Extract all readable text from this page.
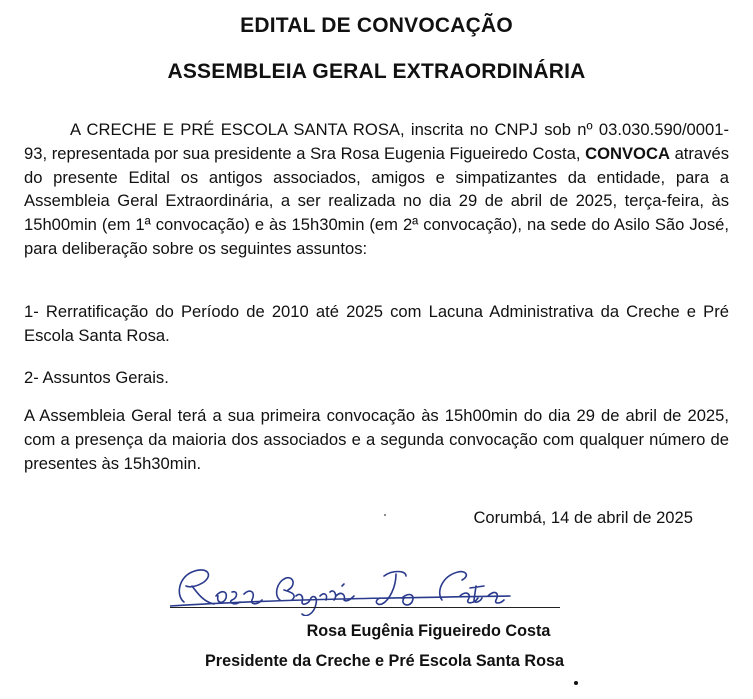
EDITAL DE CONVOCAÇÃO
ASSEMBLEIA GERAL EXTRAORDINÁRIA

A CRECHE E PRÉ ESCOLA SANTA ROSA, inscrita no CNPJ sob nº 03.030.590/0001-93, representada por sua presidente a Sra Rosa Eugenia Figueiredo Costa, CONVOCA através do presente Edital os antigos associados, amigos e simpatizantes da entidade, para a Assembleia Geral Extraordinária, a ser realizada no dia 29 de abril de 2025, terça-feira, às 15h00min (em 1ª convocação) e às 15h30min (em 2ª convocação), na sede do Asilo São José, para deliberação sobre os seguintes assuntos:

1- Rerratificação do Período de 2010 até 2025 com Lacuna Administrativa da Creche e Pré Escola Santa Rosa.

2- Assuntos Gerais.

A Assembleia Geral terá a sua primeira convocação às 15h00min do dia 29 de abril de 2025, com a presença da maioria dos associados e a segunda convocação com qualquer número de presentes às 15h30min.

Corumbá, 14 de abril de 2025
Rosa Eugênia Figueiredo Costa
Presidente da Creche e Pré Escola Santa Rosa
